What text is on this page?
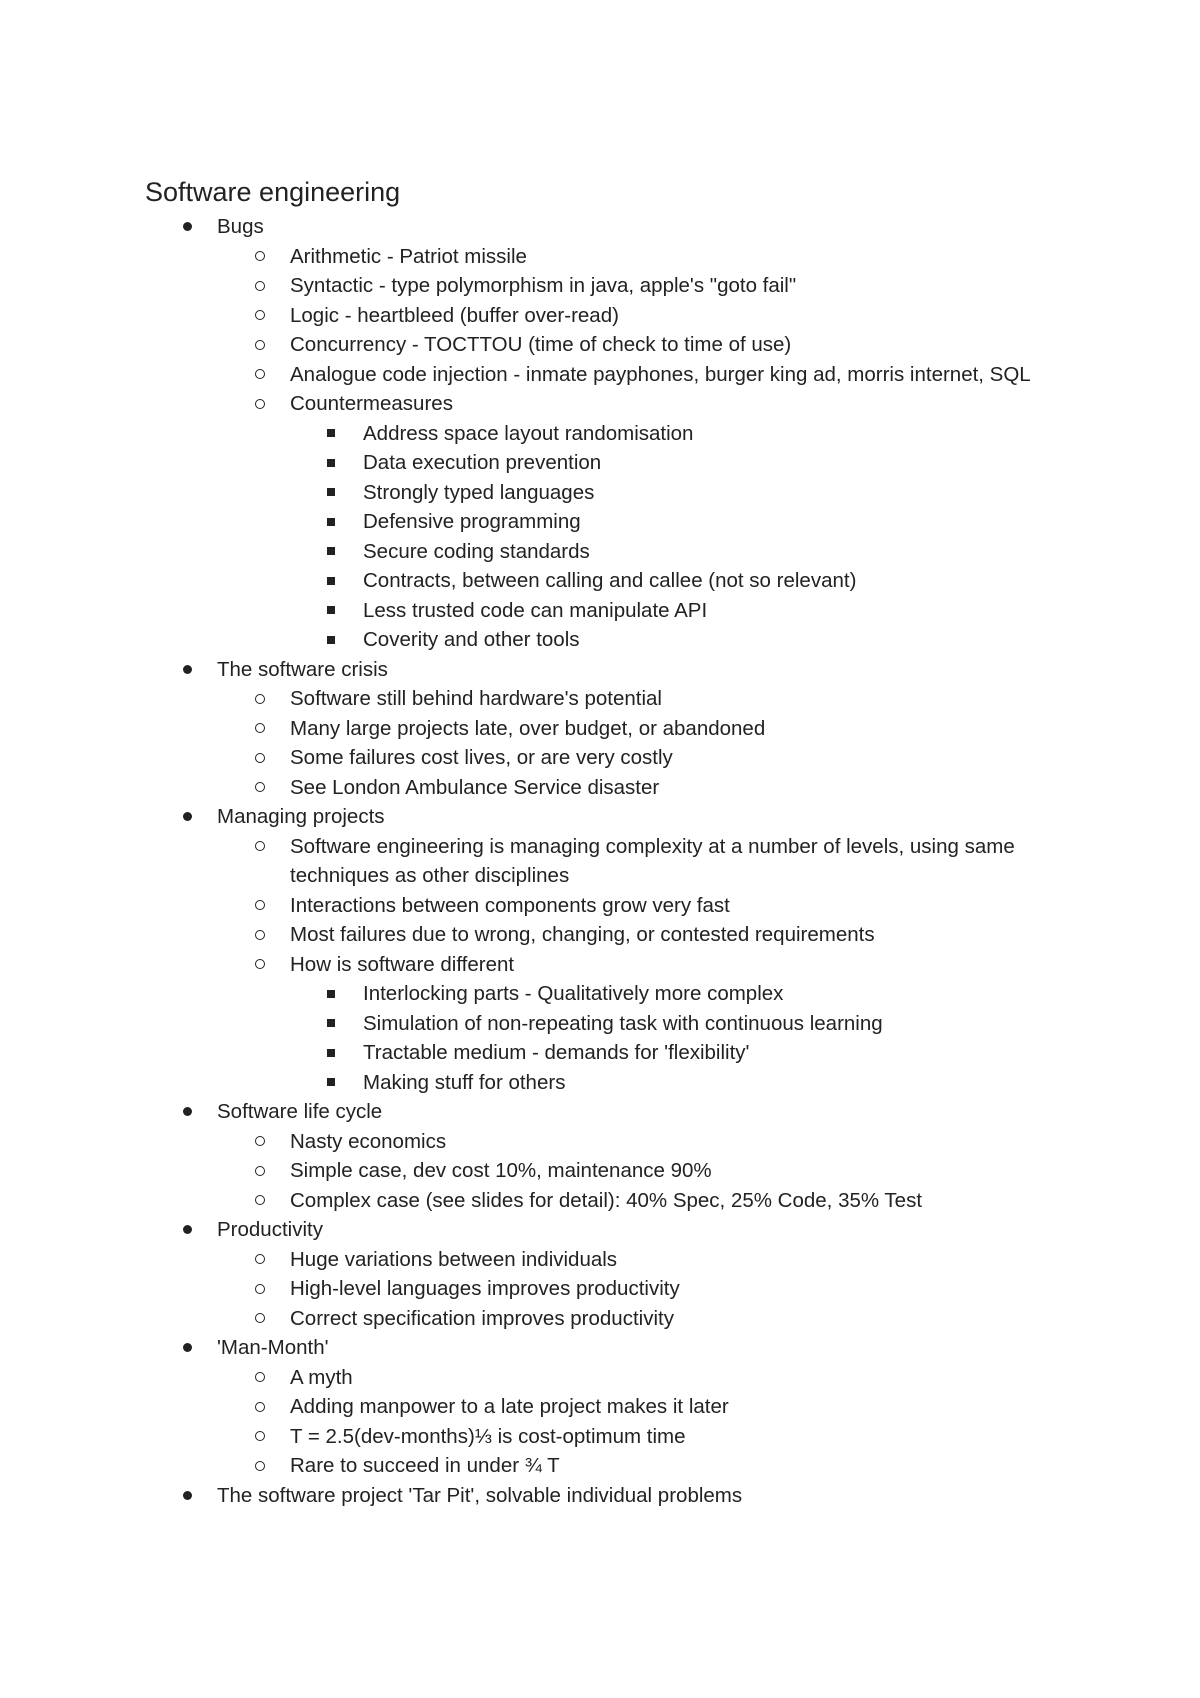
Software engineering
Bugs
Arithmetic - Patriot missile
Syntactic - type polymorphism in java, apple's "goto fail"
Logic - heartbleed (buffer over-read)
Concurrency - TOCTTOU (time of check to time of use)
Analogue code injection - inmate payphones, burger king ad, morris internet, SQL
Countermeasures
Address space layout randomisation
Data execution prevention
Strongly typed languages
Defensive programming
Secure coding standards
Contracts, between calling and callee (not so relevant)
Less trusted code can manipulate API
Coverity and other tools
The software crisis
Software still behind hardware's potential
Many large projects late, over budget, or abandoned
Some failures cost lives, or are very costly
See London Ambulance Service disaster
Managing projects
Software engineering is managing complexity at a number of levels, using same techniques as other disciplines
Interactions between components grow very fast
Most failures due to wrong, changing, or contested requirements
How is software different
Interlocking parts - Qualitatively more complex
Simulation of non-repeating task with continuous learning
Tractable medium - demands for 'flexibility'
Making stuff for others
Software life cycle
Nasty economics
Simple case, dev cost 10%, maintenance 90%
Complex case (see slides for detail): 40% Spec, 25% Code, 35% Test
Productivity
Huge variations between individuals
High-level languages improves productivity
Correct specification improves productivity
'Man-Month'
A myth
Adding manpower to a late project makes it later
T = 2.5(dev-months)⅓ is cost-optimum time
Rare to succeed in under ¾ T
The software project 'Tar Pit', solvable individual problems
